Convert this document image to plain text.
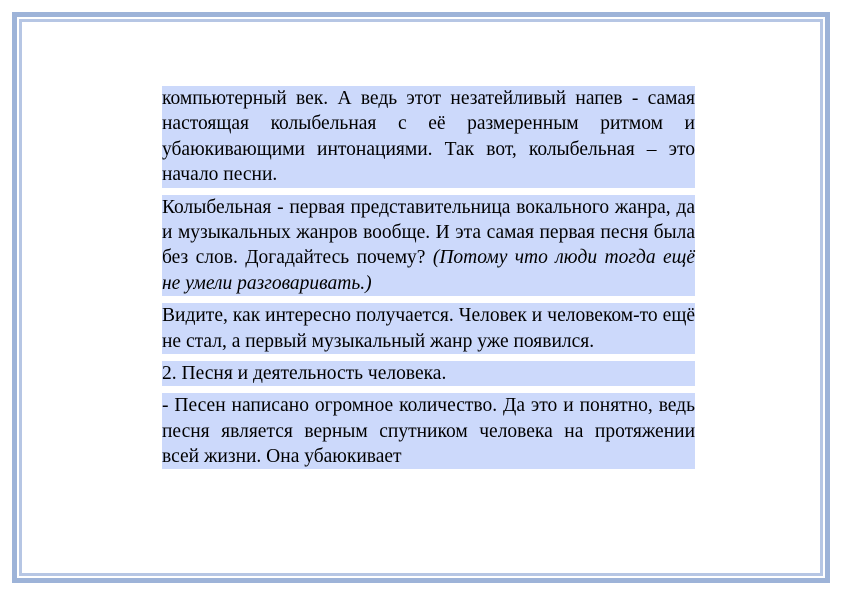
компьютерный век. А ведь этот незатейливый напев - самая настоящая колыбельная с её размеренным ритмом и убаюкивающими интонациями. Так вот, колыбельная – это начало песни.

Колыбельная - первая представительница вокального жанра, да и музыкальных жанров вообще. И эта самая первая песня была без слов. Догадайтесь почему? (Потому что люди тогда ещё не умели разговаривать.)

Видите, как интересно получается. Человек и человеком-то ещё не стал, а первый музыкальный жанр уже появился.

2. Песня и деятельность человека.

- Песен написано огромное количество. Да это и понятно, ведь песня является верным спутником человека на протяжении всей жизни. Она убаюкивает
